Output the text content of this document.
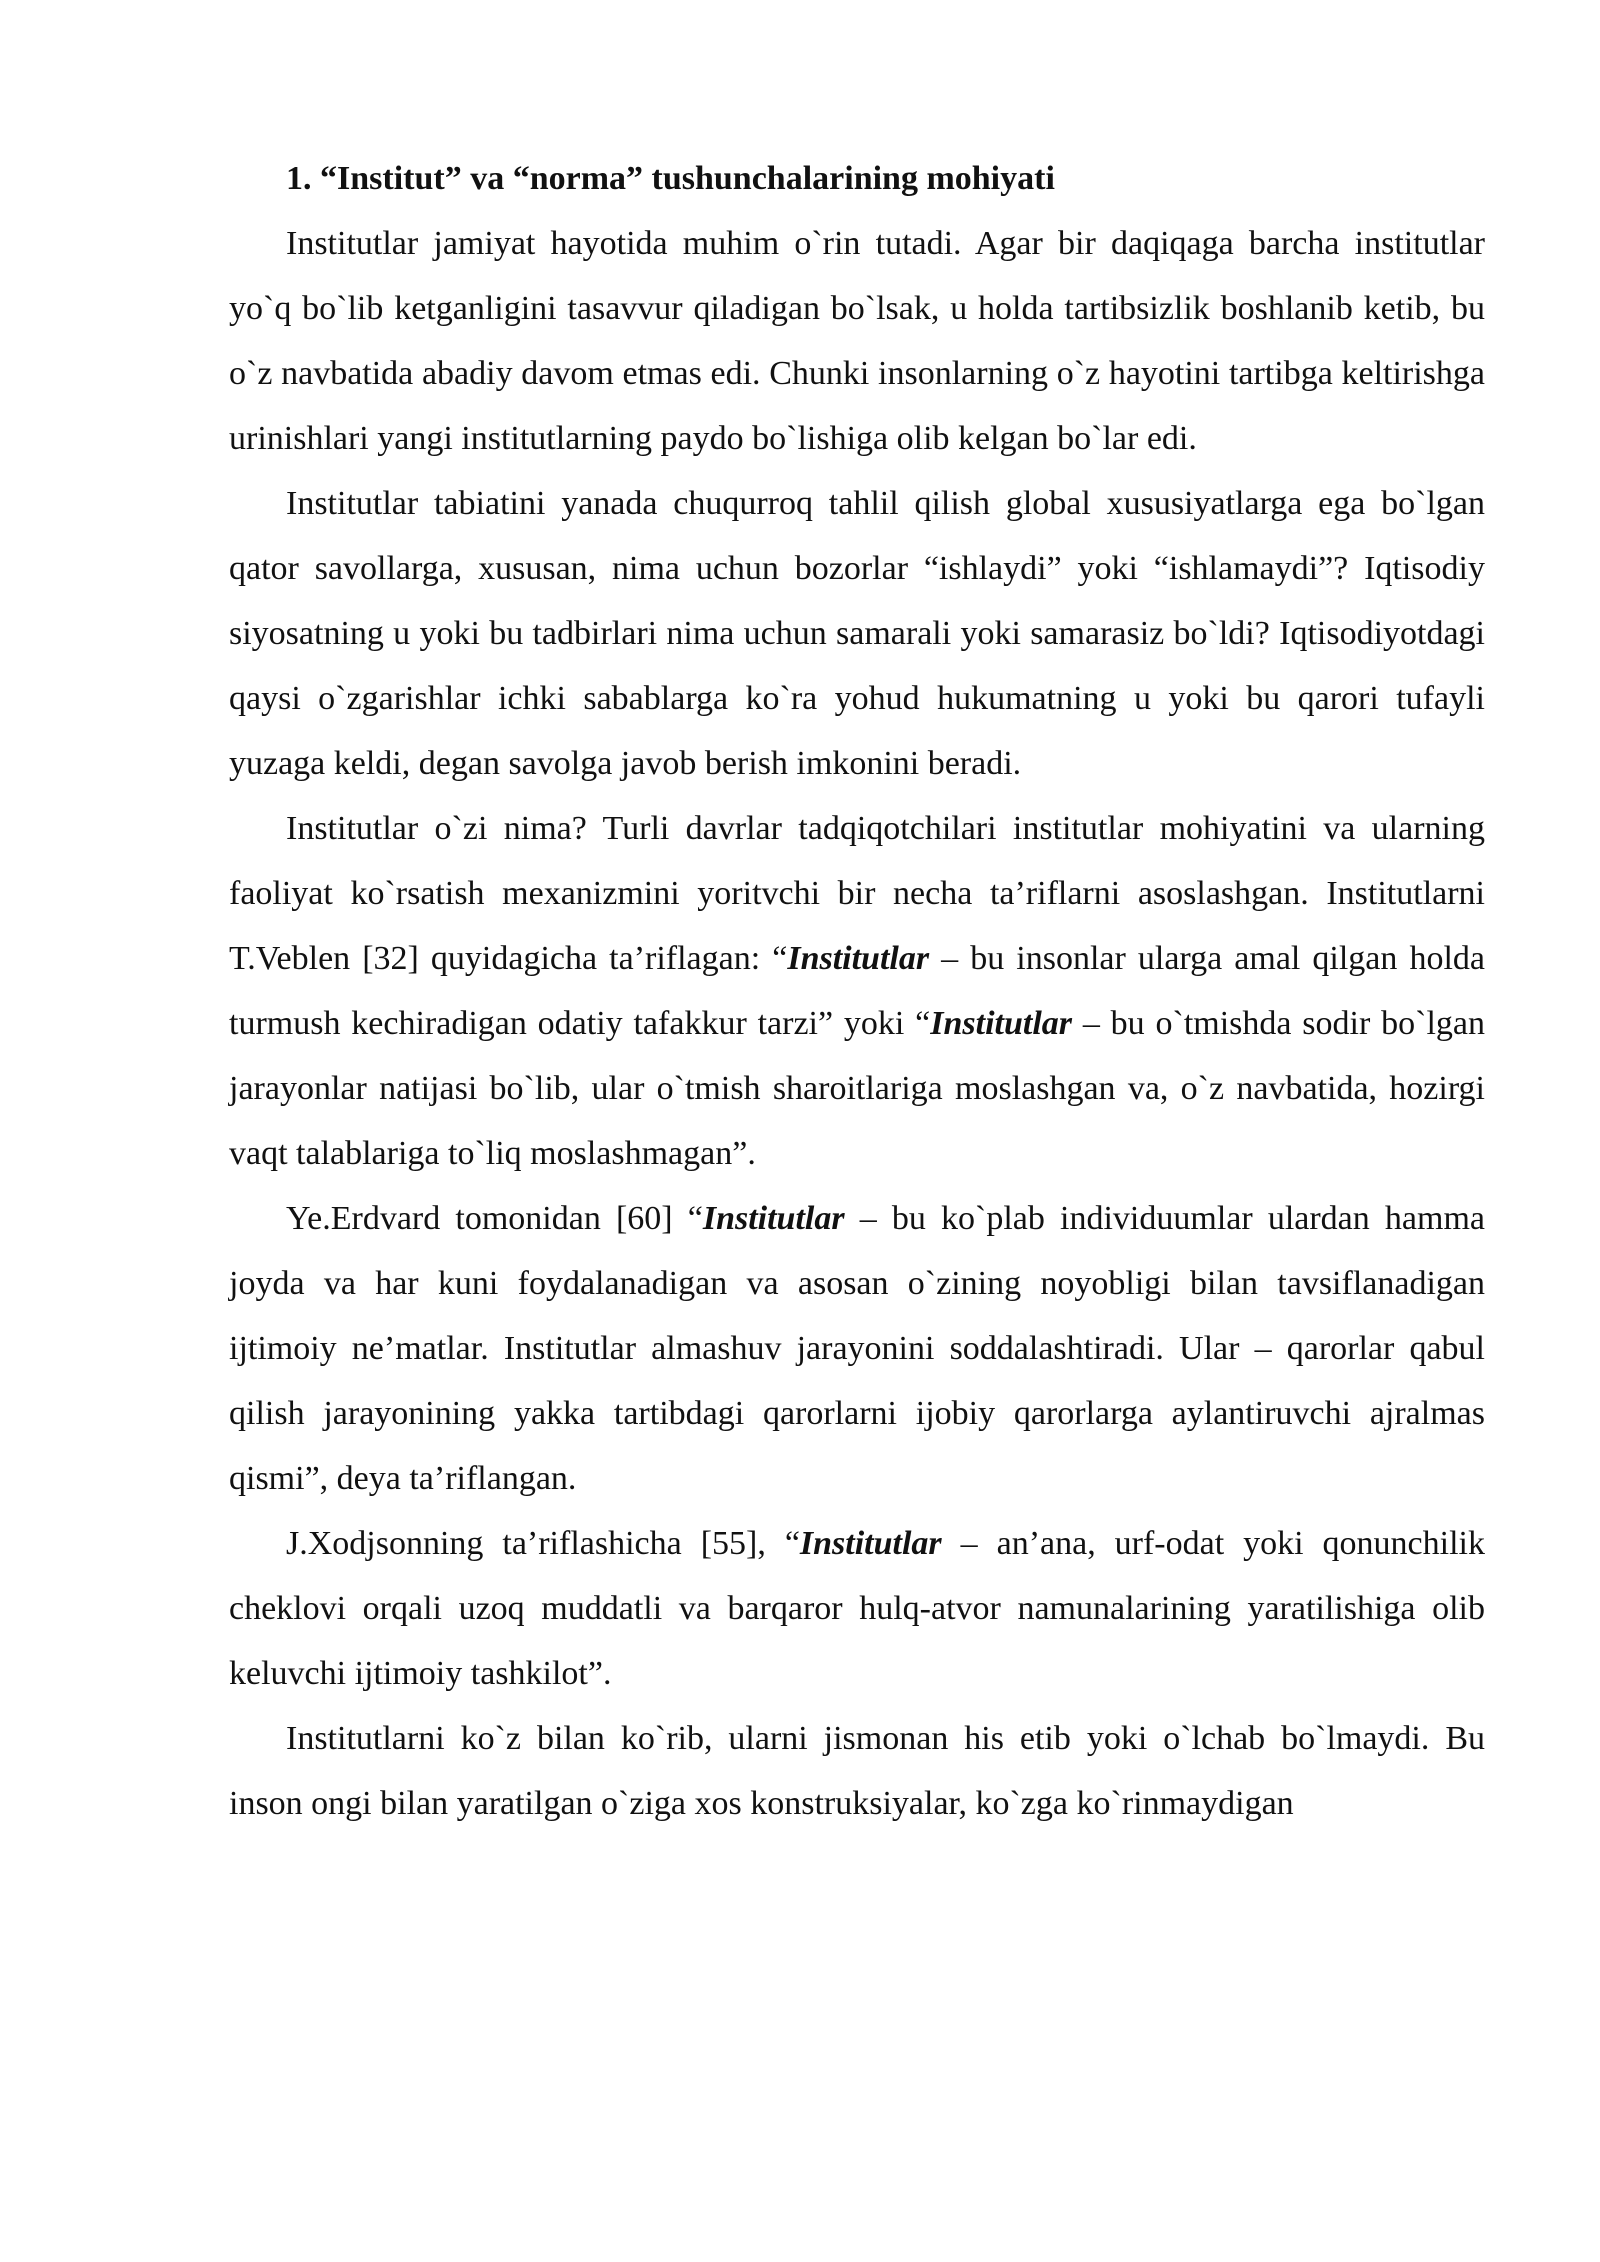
1. “Institut” va “norma” tushunchalarining mohiyati

Institutlar jamiyat hayotida muhim o`rin tutadi. Agar bir daqiqaga barcha institutlar yo`q bo`lib ketganligini tasavvur qiladigan bo`lsak, u holda tartibsizlik boshlanib ketib, bu o`z navbatida abadiy davom etmas edi. Chunki insonlarning o`z hayotini tartibga keltirishga urinishlari yangi institutlarning paydo bo`lishiga olib kelgan bo`lar edi.

Institutlar tabiatini yanada chuqurroq tahlil qilish global xususiyatlarga ega bo`lgan qator savollarga, xususan, nima uchun bozorlar “ishlaydi” yoki “ishlamaydi”? Iqtisodiy siyosatning u yoki bu tadbirlari nima uchun samarali yoki samarasiz bo`ldi? Iqtisodiyotdagi qaysi o`zgarishlar ichki sabablarga ko`ra yohud hukumatning u yoki bu qarori tufayli yuzaga keldi, degan savolga javob berish imkonini beradi.

Institutlar o`zi nima? Turli davrlar tadqiqotchilari institutlar mohiyatini va ularning faoliyat ko`rsatish mexanizmini yoritvchi bir necha ta’riflarni asoslashgan. Institutlarni T.Veblen [32] quyidagicha ta’riflagan: “Institutlar – bu insonlar ularga amal qilgan holda turmush kechiradigan odatiy tafakkur tarzi” yoki “Institutlar – bu o`tmishda sodir bo`lgan jarayonlar natijasi bo`lib, ular o`tmish sharoitlariga moslashgan va, o`z navbatida, hozirgi vaqt talablariga to`liq moslashmagan”.

Ye.Erdvard tomonidan [60] “Institutlar – bu ko`plab individuumlar ulardan hamma joyda va har kuni foydalanadigan va asosan o`zining noyobligi bilan tavsiflanadigan ijtimoiy ne’matlar. Institutlar almashuv jarayonini soddalashtiradi. Ular – qarorlar qabul qilish jarayonining yakka tartibdagi qarorlarni ijobiy qarorlarga aylantiruvchi ajralmas qismi”, deya ta’riflangan.

J.Xodjsonning ta’riflashicha [55], “Institutlar – an’ana, urf-odat yoki qonunchilik cheklovi orqali uzoq muddatli va barqaror hulq-atvor namunalarining yaratilishiga olib keluvchi ijtimoiy tashkilot”.

Institutlarni ko`z bilan ko`rib, ularni jismonan his etib yoki o`lchab bo`lmaydi. Bu inson ongi bilan yaratilgan o`ziga xos konstruksiyalar, ko`zga ko`rinmaydigan
